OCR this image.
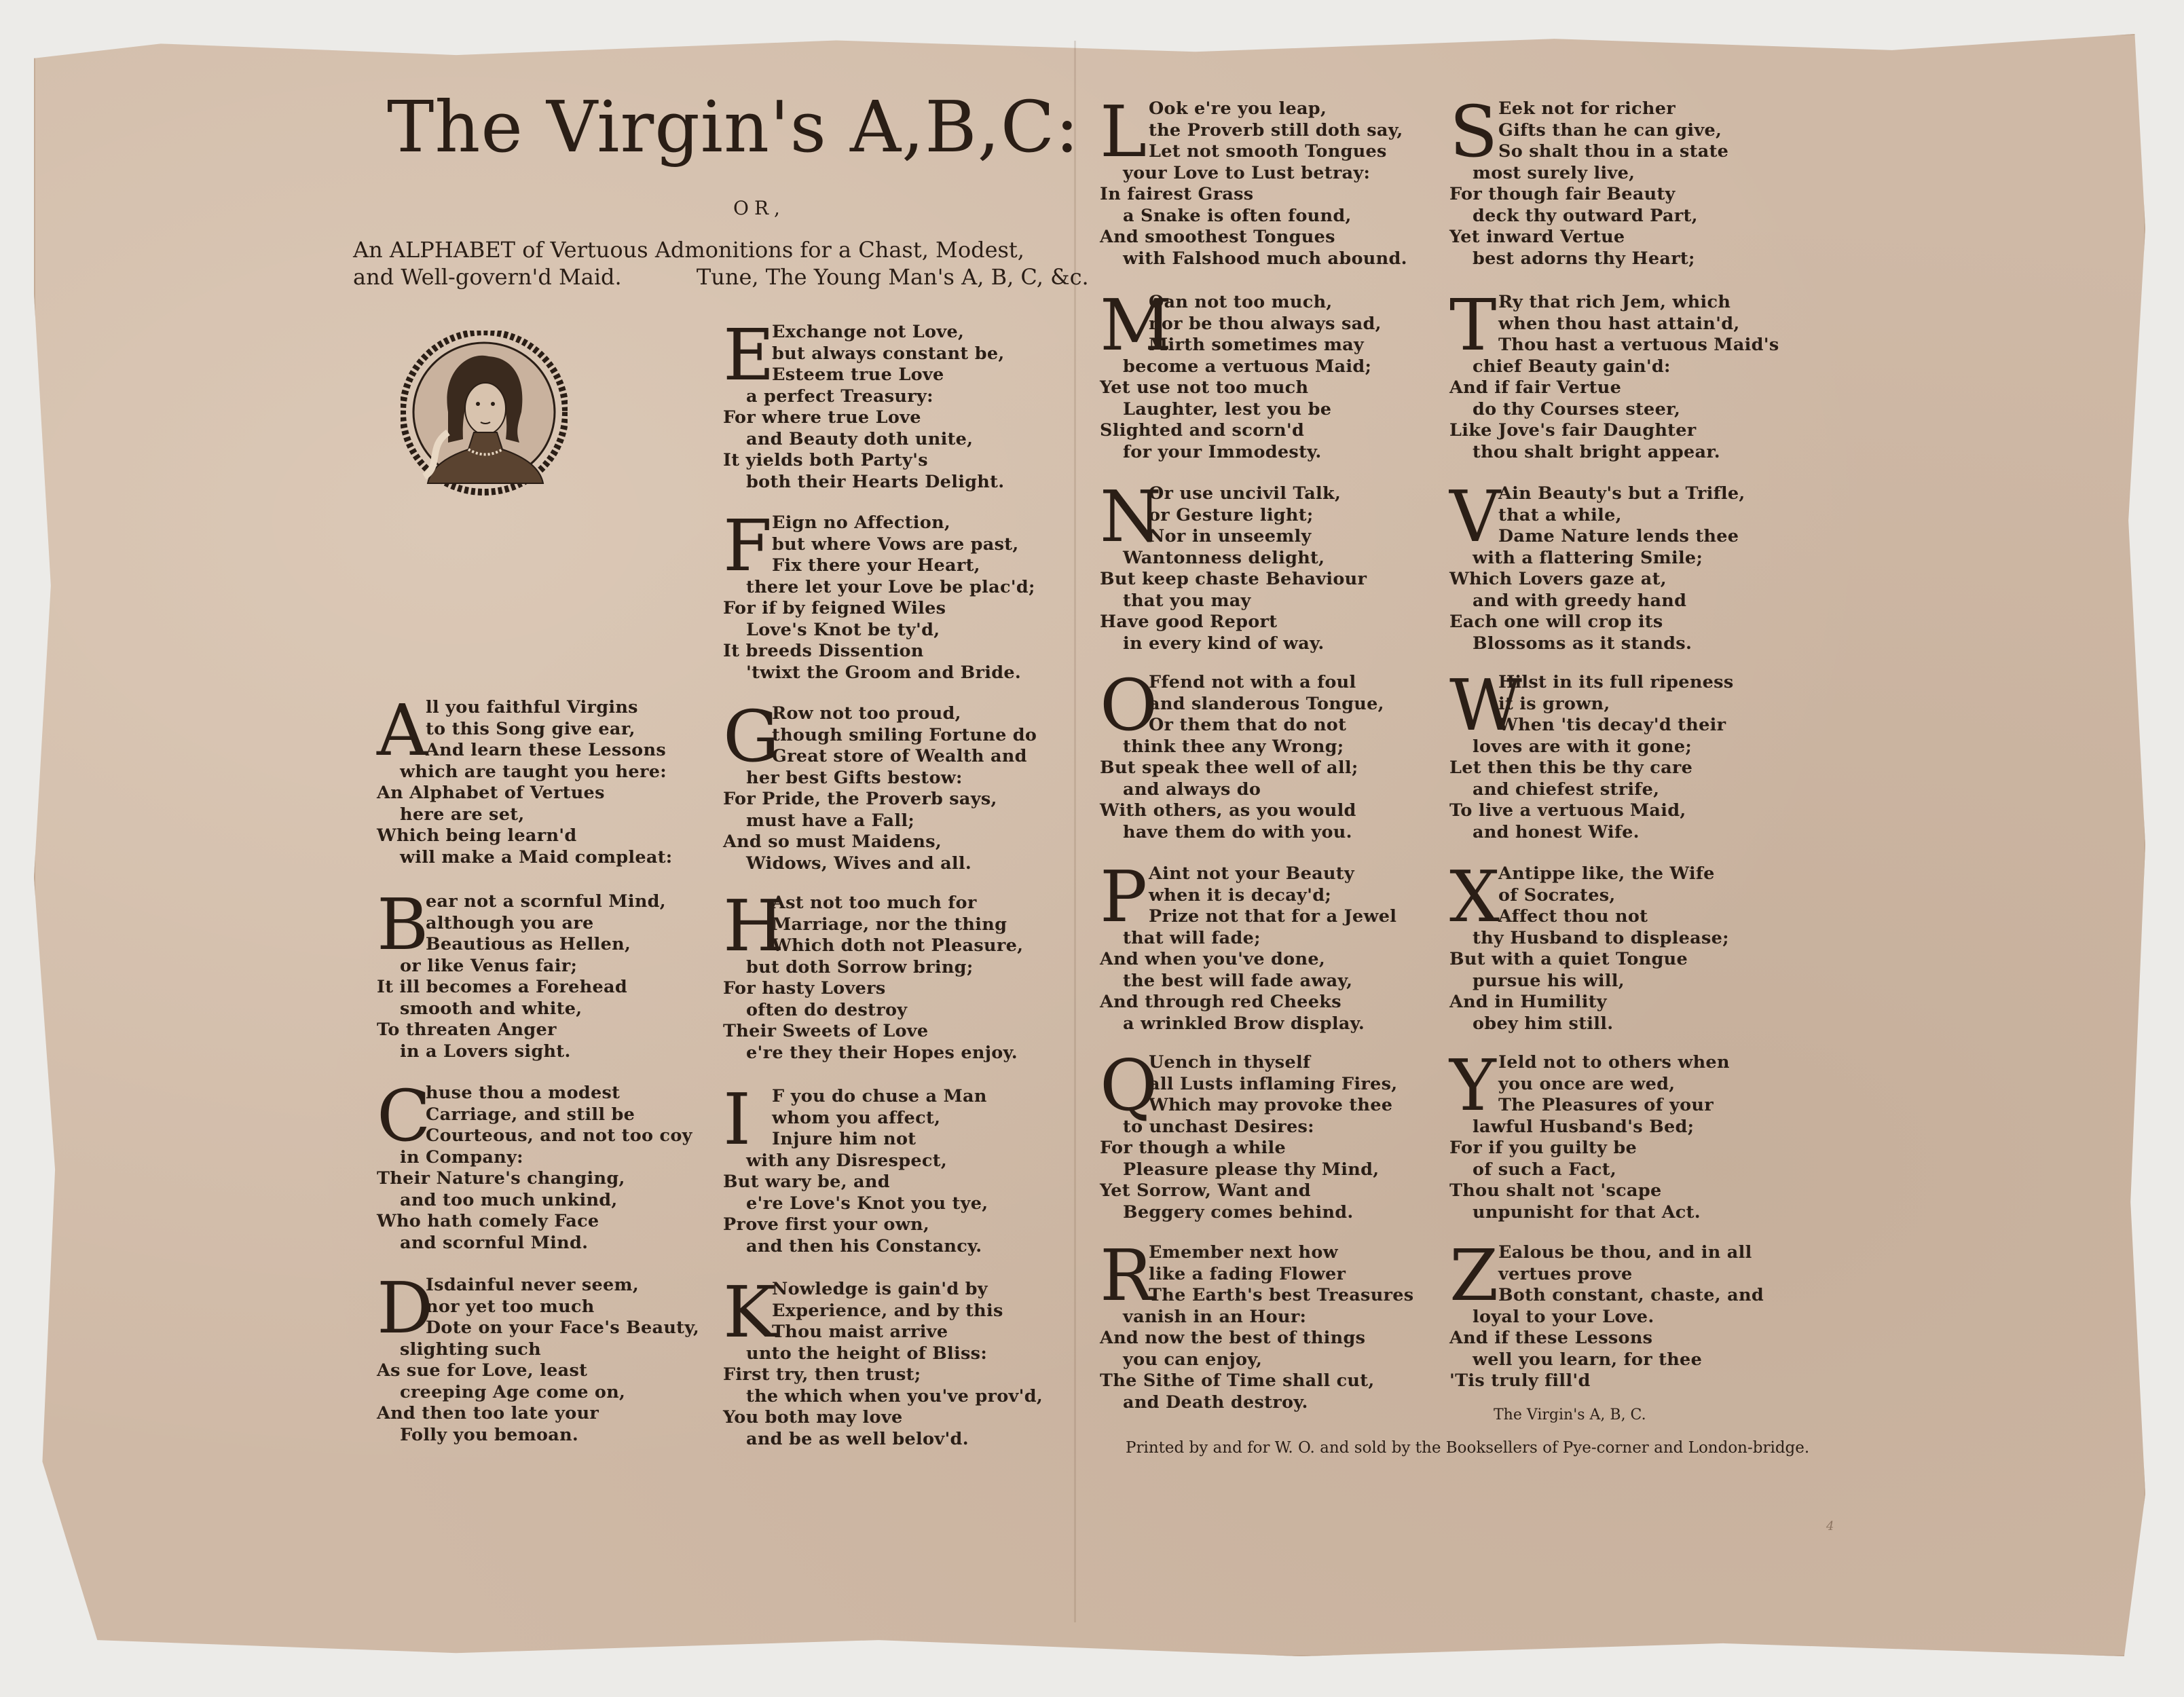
The Virgin's A,B,C:
OR,
An ALPHABET of Vertuous Admonitions for a Chast, Modest,
and Well-govern'd Maid.	Tune, The Young Man's A, B, C, &c.
A
ll you faithful Virgins
to this Song give ear,
And learn these Lessons
which are taught you here:
An Alphabet of Vertues
here are set,
Which being learn'd
will make a Maid compleat:
B
ear not a scornful Mind,
although you are
Beautious as Hellen,
or like Venus fair;
It ill becomes a Forehead
smooth and white,
To threaten Anger
in a Lovers sight.
C
huse thou a modest
Carriage, and still be
Courteous, and not too coy
in Company:
Their Nature's changing,
and too much unkind,
Who hath comely Face
and scornful Mind.
D
Isdainful never seem,
nor yet too much
Dote on your Face's Beauty,
slighting such
As sue for Love, least
creeping Age come on,
And then too late your
Folly you bemoan.
E
Exchange not Love,
but always constant be,
Esteem true Love
a perfect Treasury:
For where true Love
and Beauty doth unite,
It yields both Party's
both their Hearts Delight.
F Eign no Affection,
but where Vows are past,
Fix there your Heart,
there let your Love be plac'd;
For if by feigned Wiles
Love's Knot be ty'd,
It breeds Dissention
'twixt the Groom and Bride.
G
Row not too proud,
though smiling Fortune do
Great store of Wealth and
her best Gifts bestow:
For Pride, the Proverb says,
must have a Fall;
And so must Maidens,
Widows, Wives and all.
H
Ast not too much for
Marriage, nor the thing
Which doth not Pleasure,
but doth Sorrow bring;
For hasty Lovers
often do destroy
Their Sweets of Love
e're they their Hopes enjoy.
I	F you do chuse a Man
whom you affect,
Injure him not
with any Disrespect,
But wary be, and
e're Love's Knot you tye,
Prove first your own,
and then his Constancy.
K
Nowledge is gain'd by
Experience, and by this
Thou maist arrive
unto the height of Bliss:
First try, then trust;
the which when you've prov'd,
You both may love
and be as well belov'd.
L Ook e're you leap,
the Proverb still doth say,
Let not smooth Tongues
your Love to Lust betray:
In fairest Grass
a Snake is often found,
And smoothest Tongues
with Falshood much abound.
M
Oan not too much,
nor be thou always sad,
Mirth sometimes may
become a vertuous Maid;
Yet use not too much
Laughter, lest you be
Slighted and scorn'd
for your Immodesty.
N
Or use uncivil Talk,
or Gesture light;
Nor in unseemly
Wantonness delight,
But keep chaste Behaviour
that you may
Have good Report
in every kind of way.
O
Ffend not with a foul
and slanderous Tongue,
Or them that do not
think thee any Wrong;
But speak thee well of all;
and always do
With others, as you would
have them do with you.
P Aint not your Beauty
when it is decay'd;
Prize not that for a Jewel
that will fade;
And when you've done,
the best will fade away,
And through red Cheeks
a wrinkled Brow display.
Q
Uench in thyself
all Lusts inflaming Fires,
Which may provoke thee
to unchast Desires:
For though a while
Pleasure please thy Mind,
Yet Sorrow, Want and
Beggery comes behind.
R
Emember next how
like a fading Flower
The Earth's best Treasures
vanish in an Hour:
And now the best of things
you can enjoy,
The Sithe of Time shall cut,
and Death destroy.
S Eek not for richer
Gifts than he can give,
So shalt thou in a state
most surely live,
For though fair Beauty
deck thy outward Part,
Yet inward Vertue
best adorns thy Heart;
T Ry that rich Jem, which
when thou hast attain'd,
Thou hast a vertuous Maid's
chief Beauty gain'd:
And if fair Vertue
do thy Courses steer,
Like Jove's fair Daughter
thou shalt bright appear.
V
Ain Beauty's but a Trifle,
that a while,
Dame Nature lends thee
with a flattering Smile;
Which Lovers gaze at,
and with greedy hand
Each one will crop its
Blossoms as it stands.
W
Hilst in its full ripeness
it is grown,
When 'tis decay'd their
loves are with it gone;
Let then this be thy care
and chiefest strife,
To live a vertuous Maid,
and honest Wife.
X
Antippe like, the Wife
of Socrates,
Affect thou not
thy Husband to displease;
But with a quiet Tongue
pursue his will,
And in Humility
obey him still.
Y Ield not to others when
you once are wed,
The Pleasures of your
lawful Husband's Bed;
For if you guilty be
of such a Fact,
Thou shalt not 'scape
unpunisht for that Act.
Z Ealous be thou, and in all
vertues prove
Both constant, chaste, and
loyal to your Love.
And if these Lessons
well you learn, for thee
'Tis truly fill'd
The Virgin's A, B, C.
Printed by and for W. O. and sold by the Booksellers of Pye-corner and London-bridge.
4
